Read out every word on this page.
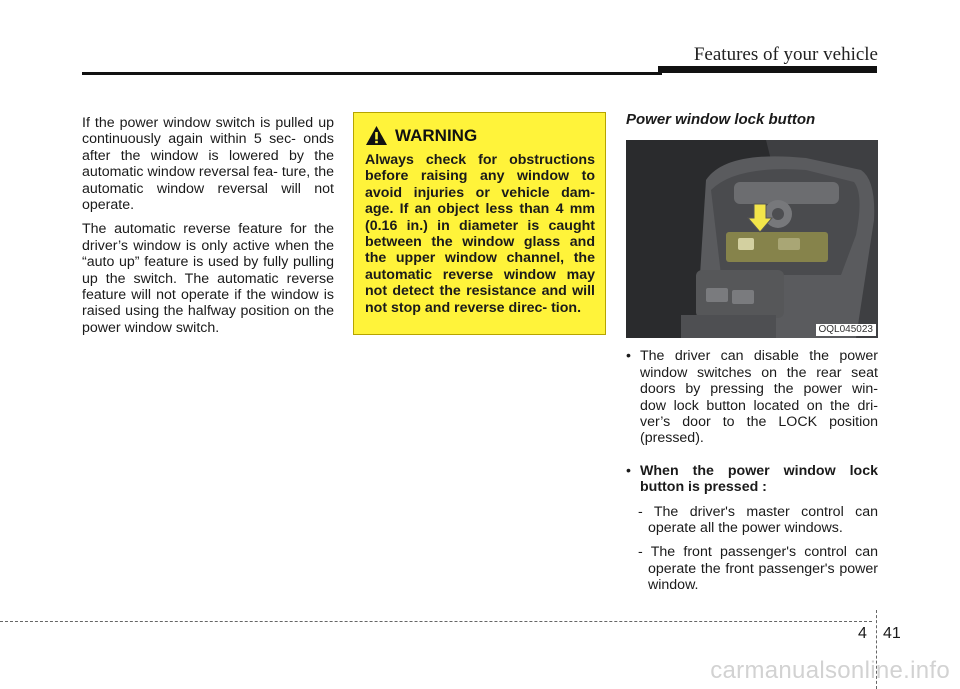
Features of your vehicle

If the power window switch is pulled up continuously again within 5 sec- onds after the window is lowered by the automatic window reversal fea- ture, the automatic window reversal will not operate.

The automatic reverse feature for the driver’s window is only active when the “auto up” feature is used by fully pulling up the switch. The automatic reverse feature will not operate if the window is raised using the halfway position on the power window switch.

WARNING
Always check for obstructions before raising any window to avoid injuries or vehicle dam- age. If an object less than 4 mm (0.16 in.) in diameter is caught between the window glass and the upper window channel, the automatic reverse window may not detect the resistance and will not stop and reverse direc- tion.
Power window lock button
OQL045023
• The driver can disable the power window switches on the rear seat doors by pressing the power win- dow lock button located on the dri- ver’s door to the LOCK position (pressed).
• When the power window lock button is pressed :
- The driver's master control can operate all the power windows.
- The front passenger's control can operate the front passenger's power window.
4 41
carmanualsonline.info
